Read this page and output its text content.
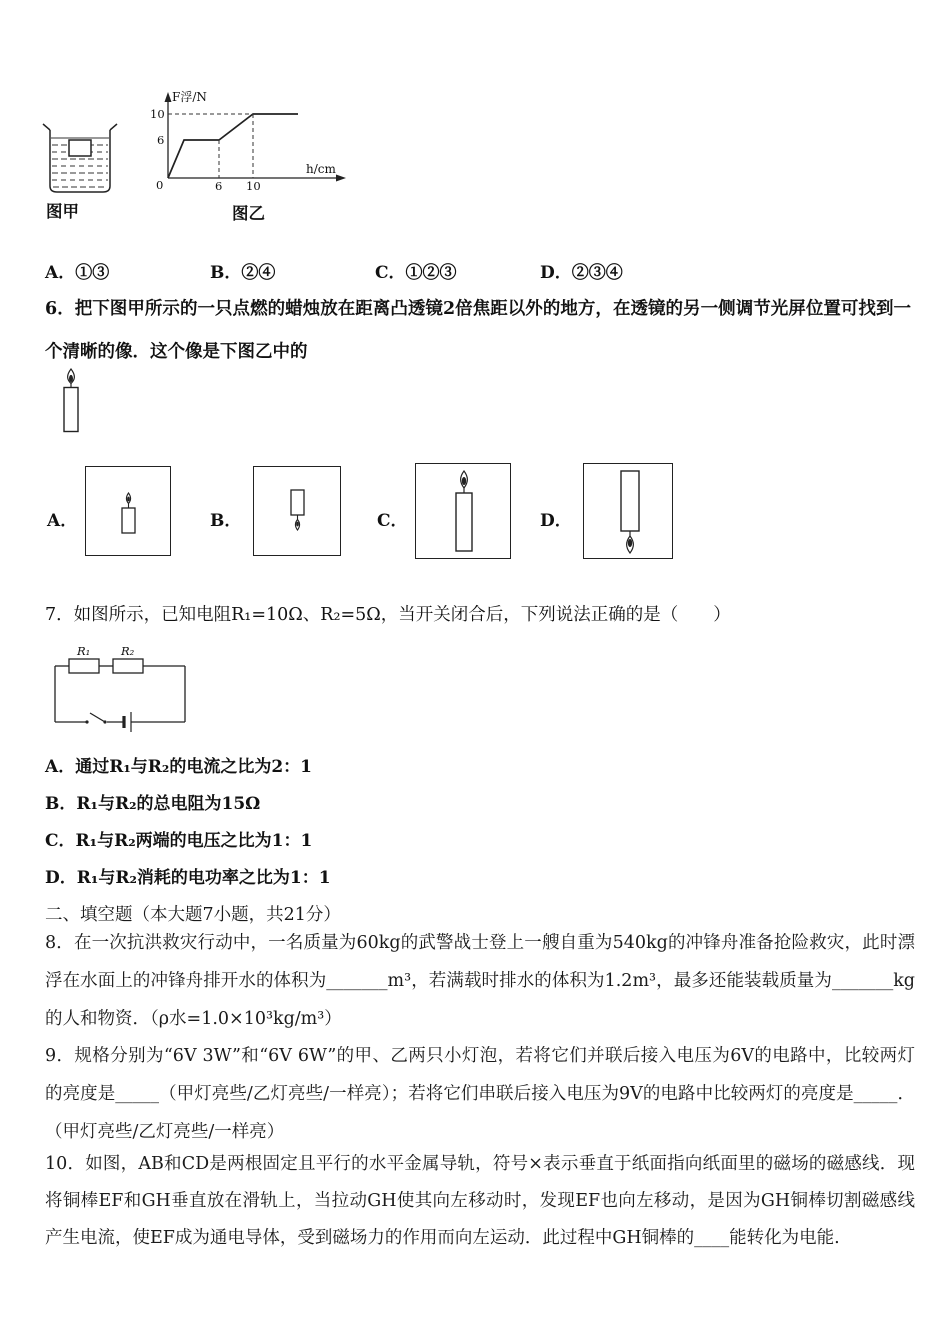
图甲
F浮/N
h/cm
10
6
0	6 10
图乙
A．①③	B．②④	C．①②③	D．②③④
6．把下图甲所示的一只点燃的蜡烛放在距离凸透镜2倍焦距以外的地方，在透镜的另一侧调节光屏位置可找到一个清晰的像．这个像是下图乙中的
A．	B．	C．	D．
7．如图所示，已知电阻R₁=10Ω、R₂=5Ω，当开关闭合后，下列说法正确的是（　　）
R₁	R₂
A．通过R₁与R₂的电流之比为2：1
B．R₁与R₂的总电阻为15Ω
C．R₁与R₂两端的电压之比为1：1
D．R₁与R₂消耗的电功率之比为1：1
二、填空题（本大题7小题，共21分）
8．在一次抗洪救灾行动中，一名质量为60kg的武警战士登上一艘自重为540kg的冲锋舟准备抢险救灾，此时漂浮在水面上的冲锋舟排开水的体积为_______m³，若满载时排水的体积为1.2m³，最多还能装载质量为_______kg的人和物资．（ρ水=1.0×10³kg/m³）
9．规格分别为“6V 3W”和“6V 6W”的甲、乙两只小灯泡，若将它们并联后接入电压为6V的电路中，比较两灯的亮度是_____（甲灯亮些/乙灯亮些/一样亮）；若将它们串联后接入电压为9V的电路中比较两灯的亮度是_____．（甲灯亮些/乙灯亮些/一样亮）
10．如图，AB和CD是两根固定且平行的水平金属导轨，符号×表示垂直于纸面指向纸面里的磁场的磁感线．现将铜棒EF和GH垂直放在滑轨上，当拉动GH使其向左移动时，发现EF也向左移动，是因为GH铜棒切割磁感线产生电流，使EF成为通电导体，受到磁场力的作用而向左运动．此过程中GH铜棒的____能转化为电能.
